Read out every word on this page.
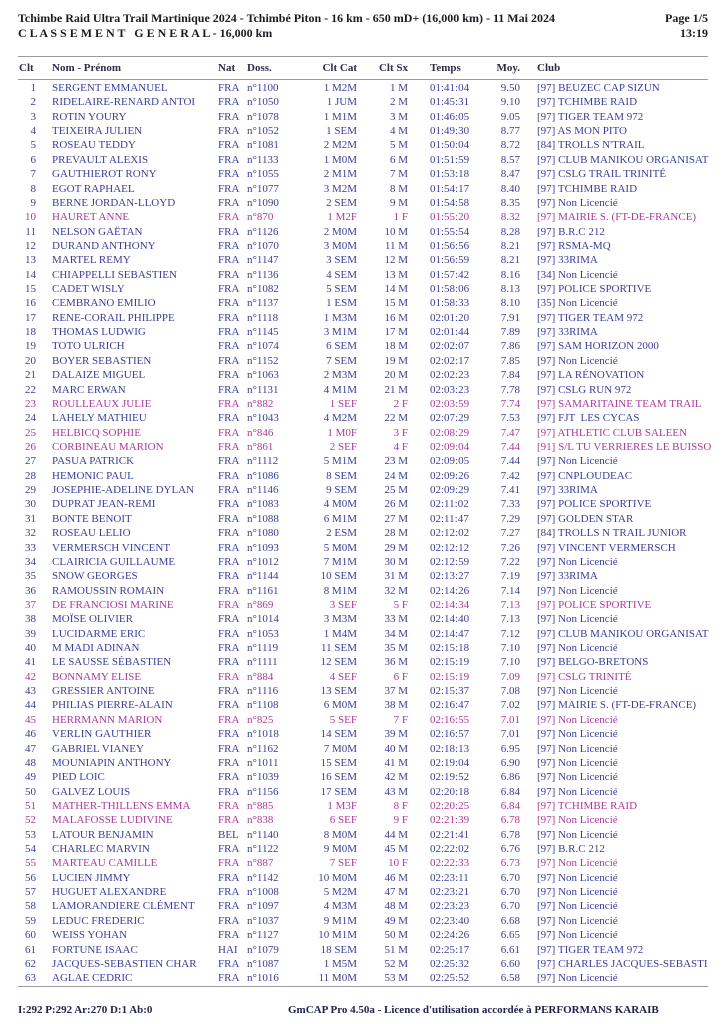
Tchimbe Raid Ultra Trail Martinique 2024 - Tchimbé Piton - 16 km - 650 mD+ (16,000 km) - 11 Mai 2024
C L A S S E M E N T   G E N E R A L - 16,000 km
Page 1/5
13:19
Clt	Nom - Prénom	Nat	Doss.	Clt Cat	Clt Sx	Temps	Moy.	Club
1	SERGENT EMMANUEL	FRA n°1100	1 M2M	1 M	01:41:04	9.50	[97] BEUZEC CAP SIZUN
2	RIDELAIRE-RENARD ANTOI	FRA n°1050	1 JUM	2 M	01:45:31	9.10	[97] TCHIMBE RAID
3	ROTIN YOURY	FRA n°1078	1 M1M	3 M	01:46:05	9.05	[97] TIGER TEAM 972
4	TEIXEIRA JULIEN	FRA n°1052	1 SEM	4 M	01:49:30	8.77	[97] AS MON PITO
5	ROSEAU TEDDY	FRA n°1081	2 M2M	5 M	01:50:04	8.72	[84] TROLLS N'TRAIL
6	PREVAULT ALEXIS	FRA n°1133	1 M0M	6 M	01:51:59	8.57	[97] CLUB MANIKOU ORGANISAT
7	GAUTHIEROT RONY	FRA n°1055	2 M1M	7 M	01:53:18	8.47	[97] CSLG TRAIL TRINITÉ
8	EGOT RAPHAEL	FRA n°1077	3 M2M	8 M	01:54:17	8.40	[97] TCHIMBE RAID
9	BERNE JORDAN-LLOYD	FRA n°1090	2 SEM	9 M	01:54:58	8.35	[97] Non Licencié
10	HAURET ANNE	FRA n°870	1 M2F	1 F	01:55:20	8.32	[97] MAIRIE S. (FT-DE-FRANCE)
11	NELSON GAËTAN	FRA n°1126	2 M0M	10 M	01:55:54	8.28	[97] B.R.C 212
12	DURAND ANTHONY	FRA n°1070	3 M0M	11 M	01:56:56	8.21	[97] RSMA-MQ
13	MARTEL REMY	FRA n°1147	3 SEM	12 M	01:56:59	8.21	[97] 33RIMA
14	CHIAPPELLI SEBASTIEN	FRA n°1136	4 SEM	13 M	01:57:42	8.16	[34] Non Licencié
15	CADET WISLY	FRA n°1082	5 SEM	14 M	01:58:06	8.13	[97] POLICE SPORTIVE
16	CEMBRANO EMILIO	FRA n°1137	1 ESM	15 M	01:58:33	8.10	[35] Non Licencié
17	RENE-CORAIL PHILIPPE	FRA n°1118	1 M3M	16 M	02:01:20	7.91	[97] TIGER TEAM 972
18	THOMAS LUDWIG	FRA n°1145	3 M1M	17 M	02:01:44	7.89	[97] 33RIMA
19	TOTO ULRICH	FRA n°1074	6 SEM	18 M	02:02:07	7.86	[97] SAM HORIZON 2000
20	BOYER SEBASTIEN	FRA n°1152	7 SEM	19 M	02:02:17	7.85	[97] Non Licencié
21	DALAIZE MIGUEL	FRA n°1063	2 M3M	20 M	02:02:23	7.84	[97] LA RÉNOVATION
22	MARC ERWAN	FRA n°1131	4 M1M	21 M	02:03:23	7.78	[97] CSLG RUN 972
23	ROULLEAUX JULIE	FRA n°882	1 SEF	2 F	02:03:59	7.74	[97] SAMARITAINE TEAM TRAIL
24	LAHELY MATHIEU	FRA n°1043	4 M2M	22 M	02:07:29	7.53	[97] FJT  LES CYCAS
25	HELBICQ SOPHIE	FRA n°846	1 M0F	3 F	02:08:29	7.47	[97] ATHLETIC CLUB SALEEN
26	CORBINEAU MARION	FRA n°861	2 SEF	4 F	02:09:04	7.44	[91] S/L TU VERRIERES LE BUISSO
27	PASUA PATRICK	FRA n°1112	5 M1M	23 M	02:09:05	7.44	[97] Non Licencié
28	HEMONIC PAUL	FRA n°1086	8 SEM	24 M	02:09:26	7.42	[97] CNPLOUDEAC
29	JOSEPHIE-ADELINE DYLAN	FRA n°1146	9 SEM	25 M	02:09:29	7.41	[97] 33RIMA
30	DUPRAT JEAN-REMI	FRA n°1083	4 M0M	26 M	02:11:02	7.33	[97] POLICE SPORTIVE
31	BONTE BENOIT	FRA n°1088	6 M1M	27 M	02:11:47	7.29	[97] GOLDEN STAR
32	ROSEAU LELIO	FRA n°1080	2 ESM	28 M	02:12:02	7.27	[84] TROLLS N TRAIL JUNIOR
33	VERMERSCH VINCENT	FRA n°1093	5 M0M	29 M	02:12:12	7.26	[97] VINCENT VERMERSCH
34	CLAIRICIA GUILLAUME	FRA n°1012	7 M1M	30 M	02:12:59	7.22	[97] Non Licencié
35	SNOW GEORGES	FRA n°1144	10 SEM	31 M	02:13:27	7.19	[97] 33RIMA
36	RAMOUSSIN ROMAIN	FRA n°1161	8 M1M	32 M	02:14:26	7.14	[97] Non Licencié
37	DE FRANCIOSI MARINE	FRA n°869	3 SEF	5 F	02:14:34	7.13	[97] POLICE SPORTIVE
38	MOÏSE OLIVIER	FRA n°1014	3 M3M	33 M	02:14:40	7.13	[97] Non Licencié
39	LUCIDARME ERIC	FRA n°1053	1 M4M	34 M	02:14:47	7.12	[97] CLUB MANIKOU ORGANISAT
40	M MADI ADINAN	FRA n°1119	11 SEM	35 M	02:15:18	7.10	[97] Non Licencié
41	LE SAUSSE SÉBASTIEN	FRA n°1111	12 SEM	36 M	02:15:19	7.10	[97] BELGO-BRETONS
42	BONNAMY ELISE	FRA n°884	4 SEF	6 F	02:15:19	7.09	[97] CSLG TRINITÉ
43	GRESSIER ANTOINE	FRA n°1116	13 SEM	37 M	02:15:37	7.08	[97] Non Licencié
44	PHILIAS PIERRE-ALAIN	FRA n°1108	6 M0M	38 M	02:16:47	7.02	[97] MAIRIE S. (FT-DE-FRANCE)
45	HERRMANN MARION	FRA n°825	5 SEF	7 F	02:16:55	7.01	[97] Non Licencié
46	VERLIN GAUTHIER	FRA n°1018	14 SEM	39 M	02:16:57	7.01	[97] Non Licencié
47	GABRIEL VIANEY	FRA n°1162	7 M0M	40 M	02:18:13	6.95	[97] Non Licencié
48	MOUNIAPIN ANTHONY	FRA n°1011	15 SEM	41 M	02:19:04	6.90	[97] Non Licencié
49	PIED LOIC	FRA n°1039	16 SEM	42 M	02:19:52	6.86	[97] Non Licencié
50	GALVEZ LOUIS	FRA n°1156	17 SEM	43 M	02:20:18	6.84	[97] Non Licencié
51	MATHER-THILLENS EMMA	FRA n°885	1 M3F	8 F	02:20:25	6.84	[97] TCHIMBE RAID
52	MALAFOSSE LUDIVINE	FRA n°838	6 SEF	9 F	02:21:39	6.78	[97] Non Licencié
53	LATOUR BENJAMIN	BEL n°1140	8 M0M	44 M	02:21:41	6.78	[97] Non Licencié
54	CHARLEC MARVIN	FRA n°1122	9 M0M	45 M	02:22:02	6.76	[97] B.R.C 212
55	MARTEAU CAMILLE	FRA n°887	7 SEF	10 F	02:22:33	6.73	[97] Non Licencié
56	LUCIEN JIMMY	FRA n°1142	10 M0M	46 M	02:23:11	6.70	[97] Non Licencié
57	HUGUET ALEXANDRE	FRA n°1008	5 M2M	47 M	02:23:21	6.70	[97] Non Licencié
58	LAMORANDIERE CLÉMENT	FRA n°1097	4 M3M	48 M	02:23:23	6.70	[97] Non Licencié
59	LEDUC FREDERIC	FRA n°1037	9 M1M	49 M	02:23:40	6.68	[97] Non Licencié
60	WEISS YOHAN	FRA n°1127	10 M1M	50 M	02:24:26	6.65	[97] Non Licencié
61	FORTUNE ISAAC	HAI n°1079	18 SEM	51 M	02:25:17	6.61	[97] TIGER TEAM 972
62	JACQUES-SEBASTIEN CHAR	FRA n°1087	1 M5M	52 M	02:25:32	6.60	[97] CHARLES JACQUES-SEBASTI
63	AGLAE CEDRIC	FRA n°1016	11 M0M	53 M	02:25:52	6.58	[97] Non Licencié
I:292 P:292 Ar:270 D:1 Ab:0	GmCAP Pro 4.50a - Licence d'utilisation accordée à PERFORMANS KARAIB
